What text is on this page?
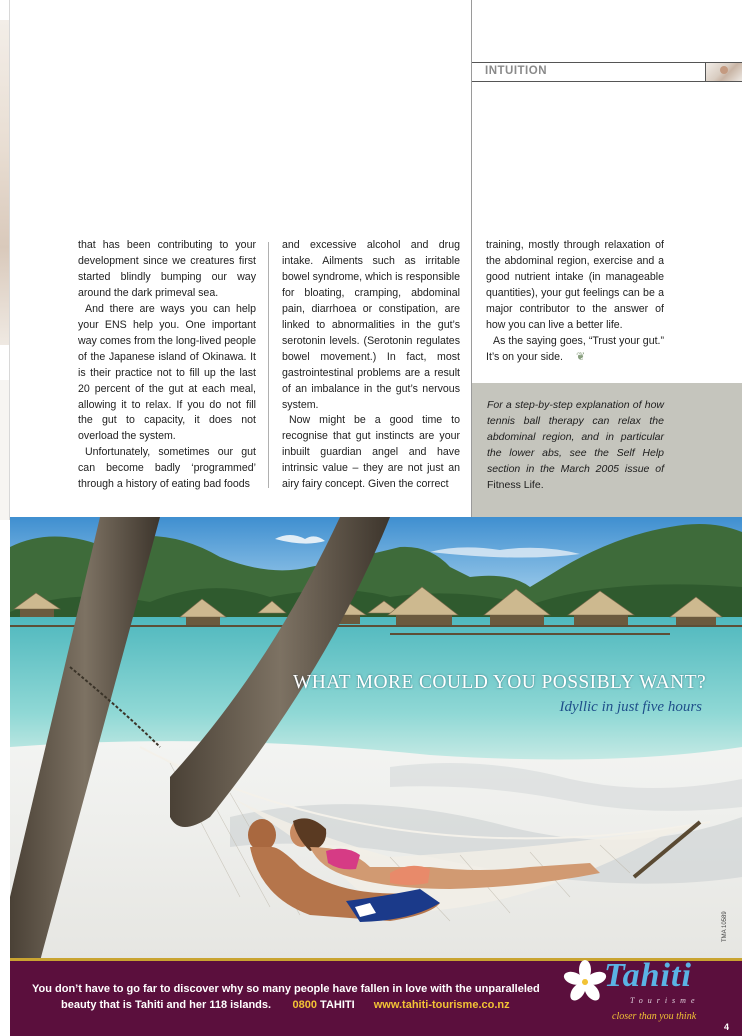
INTUITION

that has been contributing to your development since we creatures first started blindly bumping our way around the dark primeval sea.

And there are ways you can help your ENS help you. One important way comes from the long-lived people of the Japanese island of Okinawa. It is their practice not to fill up the last 20 percent of the gut at each meal, allowing it to relax. If you do not fill the gut to capacity, it does not overload the system.

Unfortunately, sometimes our gut can become badly ‘programmed’ through a history of eating bad foods

and excessive alcohol and drug intake. Ailments such as irritable bowel syndrome, which is responsible for bloating, cramping, abdominal pain, diarrhoea or constipation, are linked to abnormalities in the gut’s serotonin levels. (Serotonin regulates bowel movement.) In fact, most gastrointestinal problems are a result of an imbalance in the gut’s nervous system.

Now might be a good time to recognise that gut instincts are your inbuilt guardian angel and have intrinsic value – they are not just an airy fairy concept. Given the correct

training, mostly through relaxation of the abdominal region, exercise and a good nutrient intake (in manageable quantities), your gut feelings can be a major contributor to the answer of how you can live a better life.

As the saying goes, “Trust your gut.” It’s on your side. ❦

For a step-by-step explanation of how tennis ball therapy can relax the abdominal region, and in particular the lower abs, see the Self Help section in the March 2005 issue of Fitness Life.
WHAT MORE COULD YOU POSSIBLY WANT?
Idyllic in just five hours
TMA 10589
You don’t have to go far to discover why so many people have fallen in love with the unparalleled
beauty that is Tahiti and her 118 islands. 0800 TAHITI www.tahiti-tourisme.co.nz
Tahiti
Tourisme
closer than you think
4
